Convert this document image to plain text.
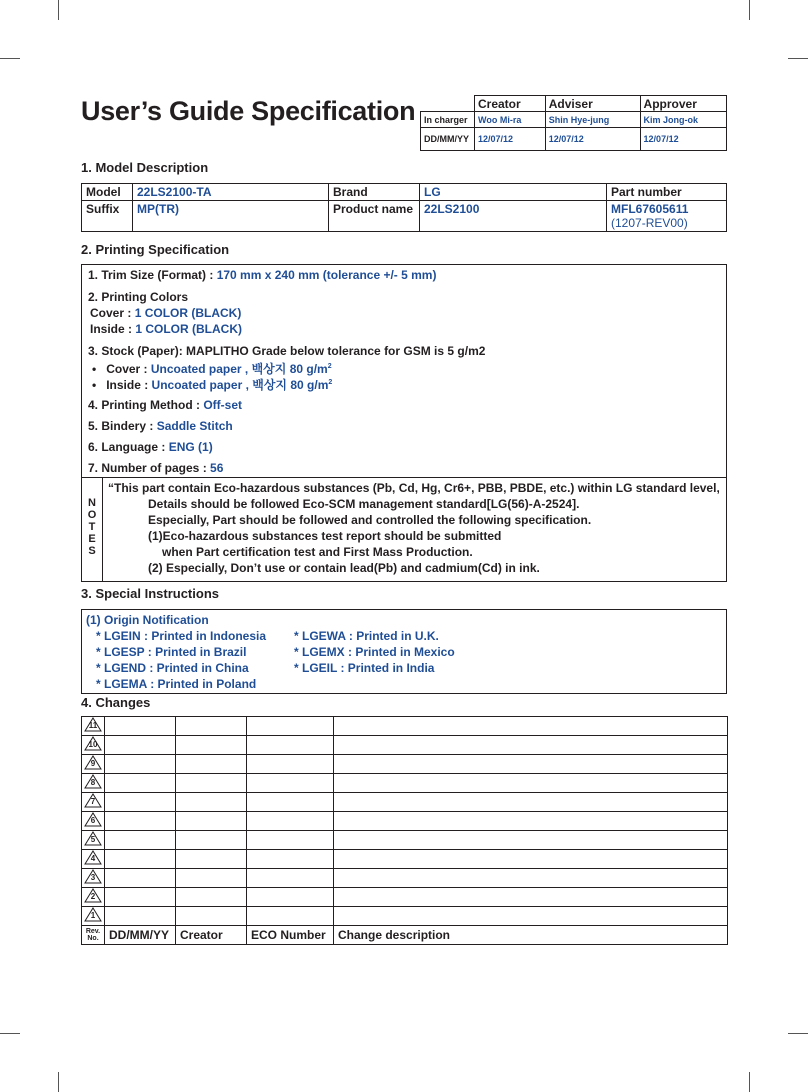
User’s Guide Specification
		Creator	Adviser	Approver
In charger	Woo Mi-ra	Shin Hye-jung	Kim Jong-ok
DD/MM/YY	12/07/12	12/07/12	12/07/12
1. Model Description
Model	22LS2100-TA	Brand	LG	Part number
Suffix	MP(TR)	Product name	22LS2100	MFL67605611
(1207-REV00)
2. Printing Specification
1. Trim Size (Format) : 170 mm x 240 mm (tolerance +/- 5 mm)
2. Printing Colors
Cover : 1 COLOR (BLACK)
Inside : 1 COLOR (BLACK)
3. Stock (Paper): MAPLITHO Grade below tolerance for GSM is 5 g/m2
•   Cover : Uncoated paper , 백상지 80 $g/m^2$
•   Inside : Uncoated paper , 백상지 80 $g/m^2$
4. Printing Method : Off-set
5. Bindery : Saddle Stitch
6. Language : ENG (1)
7. Number of pages : 56
N
O
T
E
S
“This part contain Eco-hazardous substances (Pb, Cd, Hg, Cr6+, PBB, PBDE, etc.) within LG standard level,
Details should be followed Eco-SCM management standard[LG(56)-A-2524].
Especially, Part should be followed and controlled the following specification.
(1)Eco-hazardous substances test report should be submitted
when Part certification test and First Mass Production.
(2) Especially, Don’t use or contain lead(Pb) and cadmium(Cd) in ink.
3. Special Instructions
(1) Origin Notification
* LGEIN : Printed in Indonesia
* LGESP : Printed in Brazil
* LGEND : Printed in China
* LGEMA : Printed in Poland
* LGEWA : Printed in U.K.
* LGEMX : Printed in Mexico
* LGEIL : Printed in India
4. Changes
11				

10				

9				

8				

7				

6				

5				

4				

3				

2				

1				

Rev.
No.	DD/MM/YY	Creator	ECO Number	Change description
